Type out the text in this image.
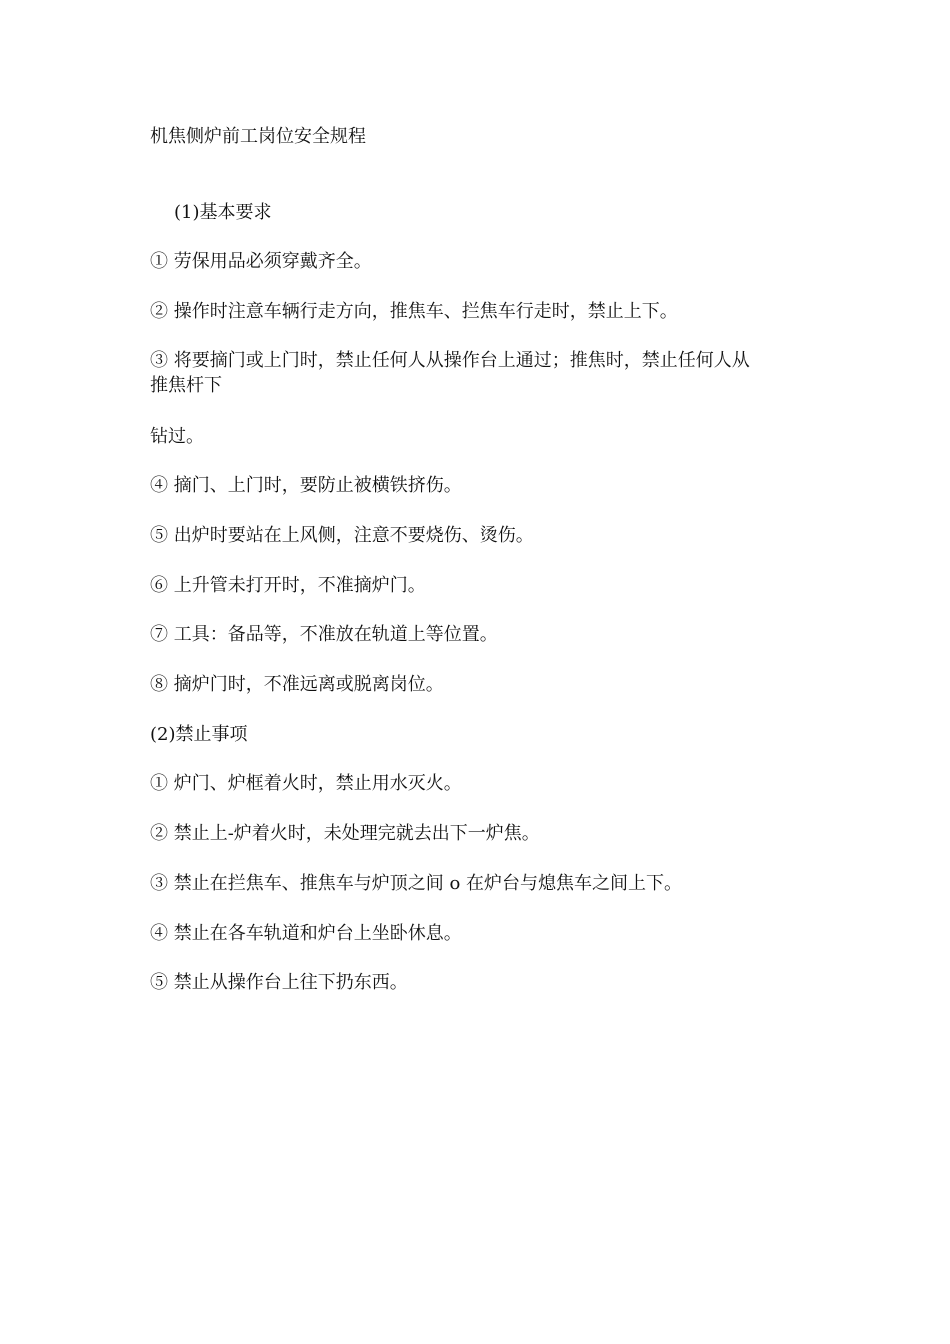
机焦侧炉前工岗位安全规程
(1)基本要求
① 劳保用品必须穿戴齐全。
② 操作时注意车辆行走方向，推焦车、拦焦车行走时，禁止上下。
③ 将要摘门或上门时，禁止任何人从操作台上通过；推焦时，禁止任何人从
推焦杆下
钻过。
④ 摘门、上门时，要防止被横铁挤伤。
⑤ 出炉时要站在上风侧，注意不要烧伤、烫伤。
⑥ 上升管未打开时，不准摘炉门。
⑦ 工具：备品等，不准放在轨道上等位置。
⑧ 摘炉门时，不准远离或脱离岗位。
(2)禁止事项
① 炉门、炉框着火时，禁止用水灭火。
② 禁止上-炉着火时，未处理完就去出下一炉焦。
③ 禁止在拦焦车、推焦车与炉顶之间 o 在炉台与熄焦车之间上下。
④ 禁止在各车轨道和炉台上坐卧休息。
⑤ 禁止从操作台上往下扔东西。
